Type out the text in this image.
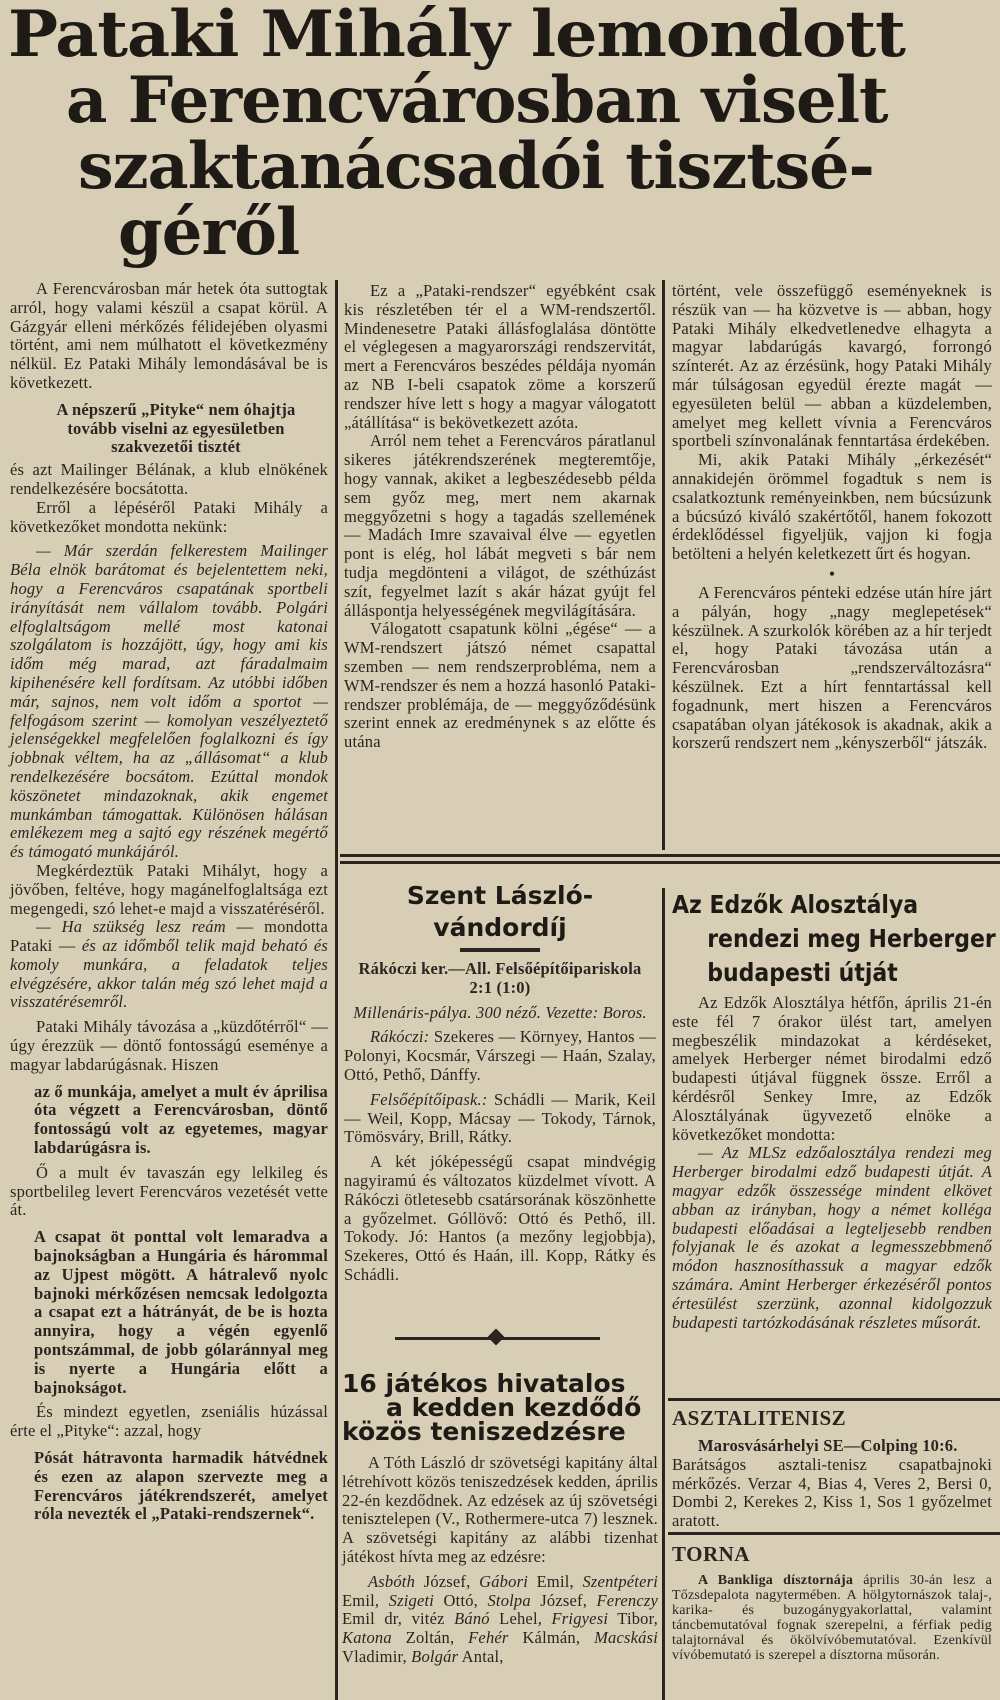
Pataki Mihály lemondott
a Ferencvárosban viselt
szaktanácsadói tisztsé-
géről

A Ferencvárosban már hetek óta suttogtak arról, hogy valami készül a csapat körül. A Gázgyár elleni mérkőzés félidejében olyasmi történt, ami nem múlhatott el következmény nélkül. Ez Pataki Mihály lemondásával be is következett.

A népszerű „Pityke“ nem óhajtja tovább viselni az egyesületben szakvezetői tisztét

és azt Mailinger Bélának, a klub elnökének rendelkezésére bocsátotta.

Erről a lépéséről Pataki Mihály a következőket mondotta nekünk:

— Már szerdán felkerestem Mailinger Béla elnök barátomat és bejelentettem neki, hogy a Ferencváros csapatának sportbeli irányítását nem vállalom tovább. Polgári elfoglaltságom mellé most katonai szolgálatom is hozzájött, úgy, hogy ami kis időm még marad, azt fáradalmaim kipihenésére kell fordítsam. Az utóbbi időben már, sajnos, nem volt időm a sportot — felfogásom szerint — komolyan veszélyeztető jelenségekkel megfelelően foglalkozni és így jobbnak véltem, ha az „állásomat“ a klub rendelkezésére bocsátom. Ezúttal mondok köszönetet mindazoknak, akik engemet munkámban támogattak. Különösen hálásan emlékezem meg a sajtó egy részének megértő és támogató munkájáról.

Megkérdeztük Pataki Mihályt, hogy a jövőben, feltéve, hogy magánelfoglaltsága ezt megengedi, szó lehet-e majd a visszatéréséről.

— Ha szükség lesz reám — mondotta Pataki — és az időmből telik majd beható és komoly munkára, a feladatok teljes elvégzésére, akkor talán még szó lehet majd a visszatérésemről.

Pataki Mihály távozása a „küzdőtérről“ — úgy érezzük — döntő fontosságú eseménye a magyar labdarúgásnak. Hiszen

az ő munkája, amelyet a mult év áprilisa óta végzett a Ferencvárosban, döntő fontosságú volt az egyetemes, magyar labdarúgásra is.

Ő a mult év tavaszán egy lelkileg és sportbelileg levert Ferencváros vezetését vette át.

A csapat öt ponttal volt lemaradva a bajnokságban a Hungária és hárommal az Ujpest mögött. A hátralevő nyolc bajnoki mérkőzésen nemcsak ledolgozta a csapat ezt a hátrányát, de be is hozta annyira, hogy a végén egyenlő pontszámmal, de jobb gólaránnyal meg is nyerte a Hungária előtt a bajnokságot.

És mindezt egyetlen, zseniális húzással érte el „Pityke“: azzal, hogy

Pósát hátravonta harmadik hátvédnek és ezen az alapon szervezte meg a Ferencváros játékrendszerét, amelyet róla nevezték el „Pataki-rendszernek“.

Ez a „Pataki-rendszer“ egyébként csak kis részletében tér el a WM-rendszertől. Mindenesetre Pataki állásfoglalása döntötte el véglegesen a magyarországi rendszervitát, mert a Ferencváros beszédes példája nyomán az NB I-beli csapatok zöme a korszerű rendszer híve lett s hogy a magyar válogatott „átállítása“ is bekövetkezett azóta.

Arról nem tehet a Ferencváros páratlanul sikeres játékrendszerének megteremtője, hogy vannak, akiket a legbeszédesebb példa sem győz meg, mert nem akarnak meggyőzetni s hogy a tagadás szellemének — Madách Imre szavaival élve — egyetlen pont is elég, hol lábát megveti s bár nem tudja megdönteni a világot, de széthúzást szít, fegyelmet lazít s akár házat gyújt fel álláspontja helyességének megvilágítására.

Válogatott csapatunk kölni „égése“ — a WM-rendszert játszó német csapattal szemben — nem rendszerprobléma, nem a WM-rendszer és nem a hozzá hasonló Pataki-rendszer problémája, de — meggyőződésünk szerint ennek az eredménynek s az előtte és utána

történt, vele összefüggő eseményeknek is részük van — ha közvetve is — abban, hogy Pataki Mihály elkedvetlenedve elhagyta a magyar labdarúgás kavargó, forrongó színterét. Az az érzésünk, hogy Pataki Mihály már túlságosan egyedül érezte magát — egyesületen belül — abban a küzdelemben, amelyet meg kellett vívnia a Ferencváros sportbeli színvonalának fenntartása érdekében.

Mi, akik Pataki Mihály „érkezését“ annakidején örömmel fogadtuk s nem is csalatkoztunk reményeinkben, nem búcsúzunk a búcsúzó kiváló szakértőtől, hanem fokozott érdeklődéssel figyeljük, vajjon ki fogja betölteni a helyén keletkezett űrt és hogyan.

•

A Ferencváros pénteki edzése után híre járt a pályán, hogy „nagy meglepetések“ készülnek. A szurkolók körében az a hír terjedt el, hogy Pataki távozása után a Ferencvárosban „rendszerváltozásra“ készülnek. Ezt a hírt fenntartással kell fogadnunk, mert hiszen a Ferencváros csapatában olyan játékosok is akadnak, akik a korszerű rendszert nem „kényszerből“ játszák.

Szent László-vándordíj

Rákóczi ker.—All. Felsőépítőipariskola 2:1 (1:0)

Millenáris-pálya. 300 néző. Vezette: Boros.

Rákóczi: Szekeres — Környey, Hantos — Polonyi, Kocsmár, Várszegi — Haán, Szalay, Ottó, Pethő, Dánffy.

Felsőépítőipask.: Schádli — Marik, Keil — Weil, Kopp, Mácsay — Tokody, Tárnok, Tömösváry, Brill, Rátky.

A két jóképességű csapat mindvégig nagyiramú és változatos küzdelmet vívott. A Rákóczi ötletesebb csatársorának köszönhette a győzelmet. Góllövő: Ottó és Pethő, ill. Tokody. Jó: Hantos (a mezőny legjobbja), Szekeres, Ottó és Haán, ill. Kopp, Rátky és Schádli.

16 játékos hivatalos
a kedden kezdődő
közös teniszedzésre

A Tóth László dr szövetségi kapitány által létrehívott közös teniszedzések kedden, április 22-én kezdődnek. Az edzések az új szövetségi tenisztelepen (V., Rothermere-utca 7) lesznek. A szövetségi kapitány az alábbi tizenhat játékost hívta meg az edzésre:

Asbóth József, Gábori Emil, Szentpéteri Emil, Szigeti Ottó, Stolpa József, Ferenczy Emil dr, vitéz Bánó Lehel, Frigyesi Tibor, Katona Zoltán, Fehér Kálmán, Macskási Vladimir, Bolgár Antal,

Az Edzők Alosztálya
rendezi meg Herberger
budapesti útját

Az Edzők Alosztálya hétfőn, április 21-én este fél 7 órakor ülést tart, amelyen megbeszélik mindazokat a kérdéseket, amelyek Herberger német birodalmi edző budapesti útjával függnek össze. Erről a kérdésről Senkey Imre, az Edzők Alosztályának ügyvezető elnöke a következőket mondotta:

— Az MLSz edzőalosztálya rendezi meg Herberger birodalmi edző budapesti útját. A magyar edzők összessége mindent elkövet abban az irányban, hogy a német kolléga budapesti előadásai a legteljesebb rendben folyjanak le és azokat a legmesszebbmenő módon hasznosíthassuk a magyar edzők számára. Amint Herberger érkezéséről pontos értesülést szerzünk, azonnal kidolgozzuk budapesti tartózkodásának részletes műsorát.

ASZTALITENISZ

Marosvásárhelyi SE—Colping 10:6.

Barátságos asztali-tenisz csapatbajnoki mérkőzés. Verzar 4, Bias 4, Veres 2, Bersi 0, Dombi 2, Kerekes 2, Kiss 1, Sos 1 győzelmet aratott.

TORNA

A Bankliga dísztornája április 30-án lesz a Tőzsdepalota nagytermében. A hölgytornászok talaj-, karika- és buzogánygyakorlattal, valamint táncbemutatóval fognak szerepelni, a férfiak pedig talajtornával és ökölvívóbemutatóval. Ezenkívül vívóbemutató is szerepel a dísztorna műsorán.
